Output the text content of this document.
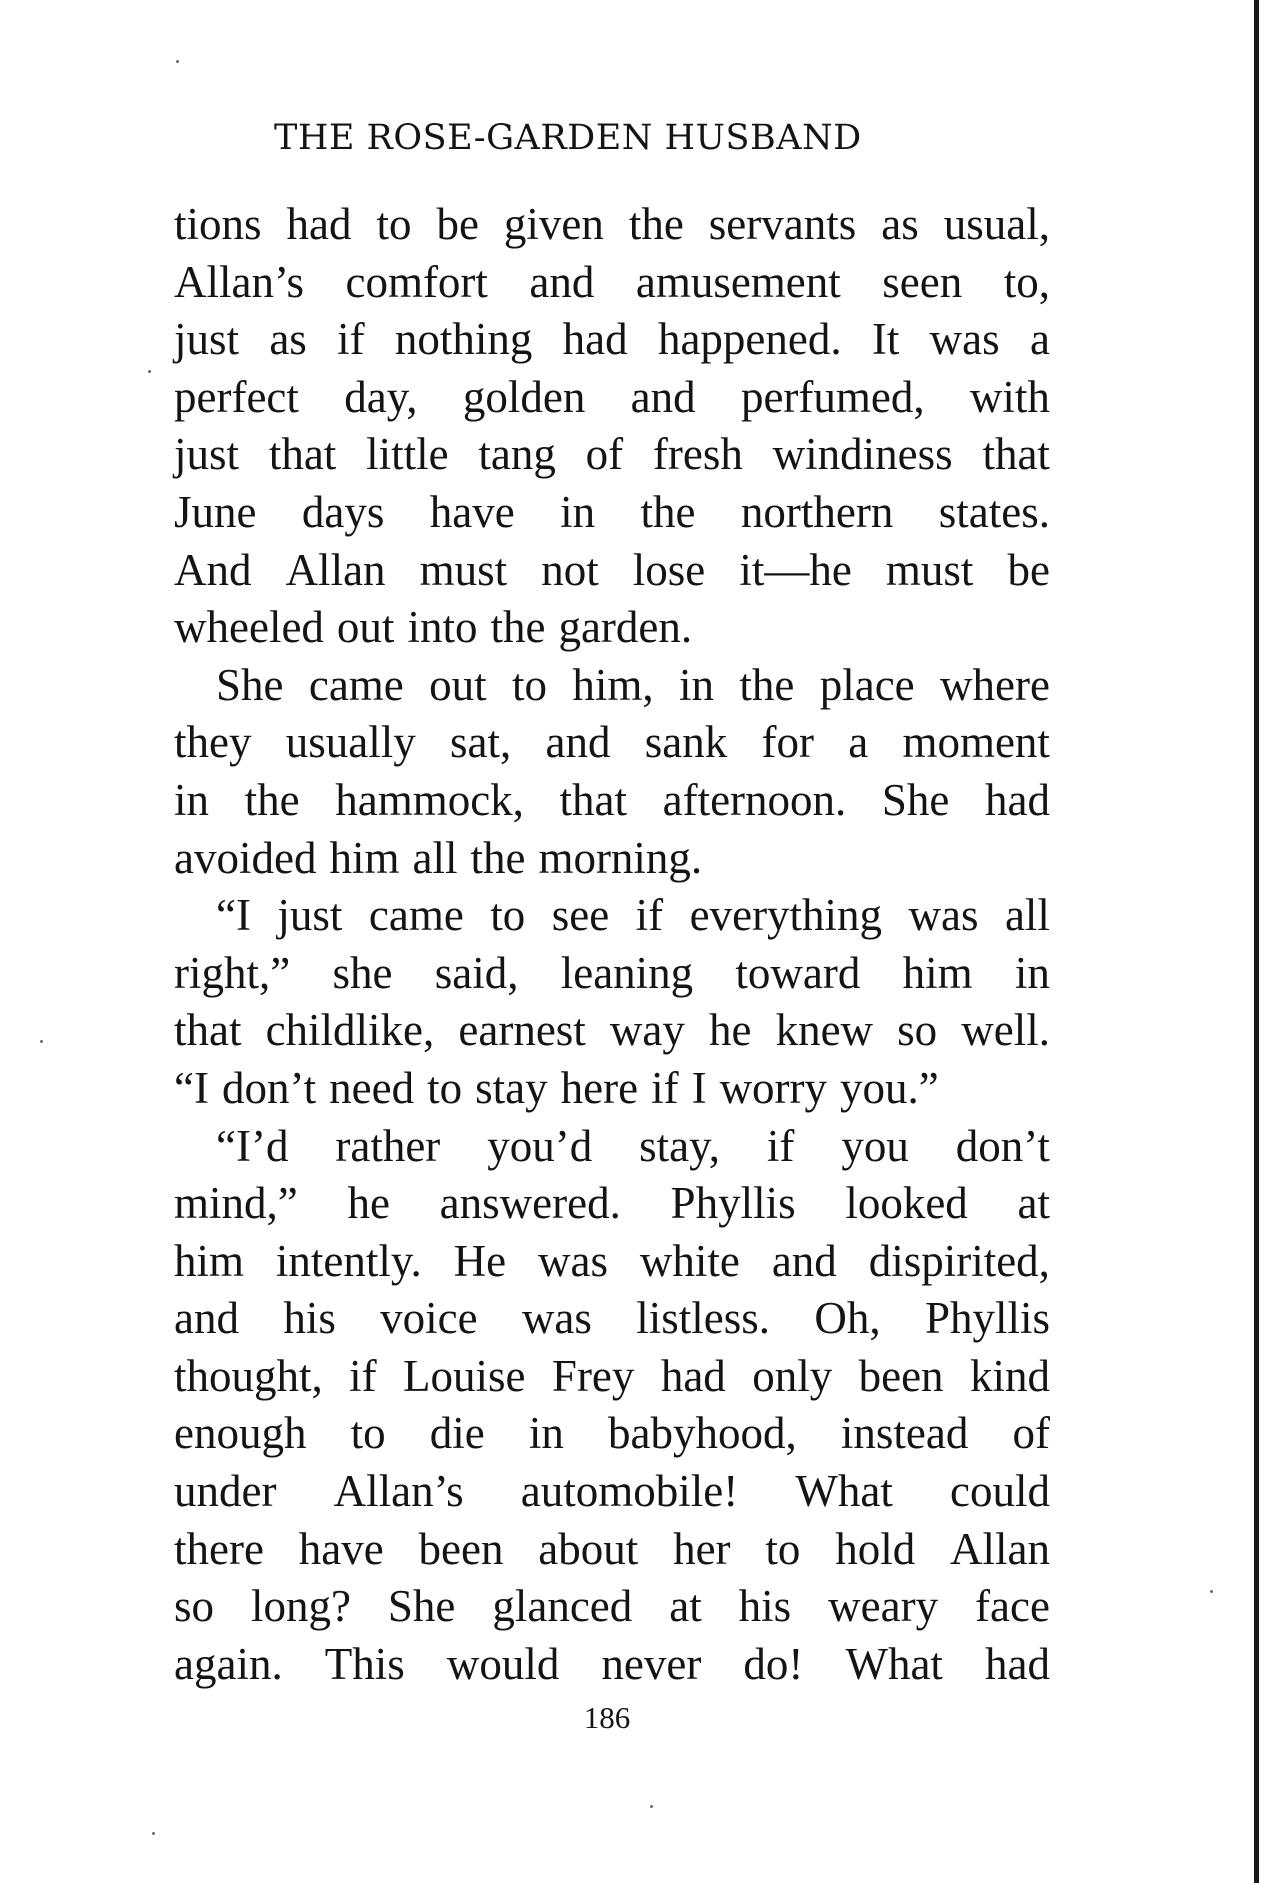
THE ROSE-GARDEN HUSBAND
tions had to be given the servants as usual,
Allan’s comfort and amusement seen to,
just as if nothing had happened. It was a
perfect day, golden and perfumed, with
just that little tang of fresh windiness that
June days have in the northern states.
And Allan must not lose it—he must be
wheeled out into the garden.
She came out to him, in the place where
they usually sat, and sank for a moment
in the hammock, that afternoon. She had
avoided him all the morning.
“I just came to see if everything was all
right,” she said, leaning toward him in
that childlike, earnest way he knew so well.
“I don’t need to stay here if I worry you.”
“I’d rather you’d stay, if you don’t
mind,” he answered. Phyllis looked at
him intently. He was white and dispirited,
and his voice was listless. Oh, Phyllis
thought, if Louise Frey had only been kind
enough to die in babyhood, instead of
under Allan’s automobile! What could
there have been about her to hold Allan
so long? She glanced at his weary face
again. This would never do! What had
186
